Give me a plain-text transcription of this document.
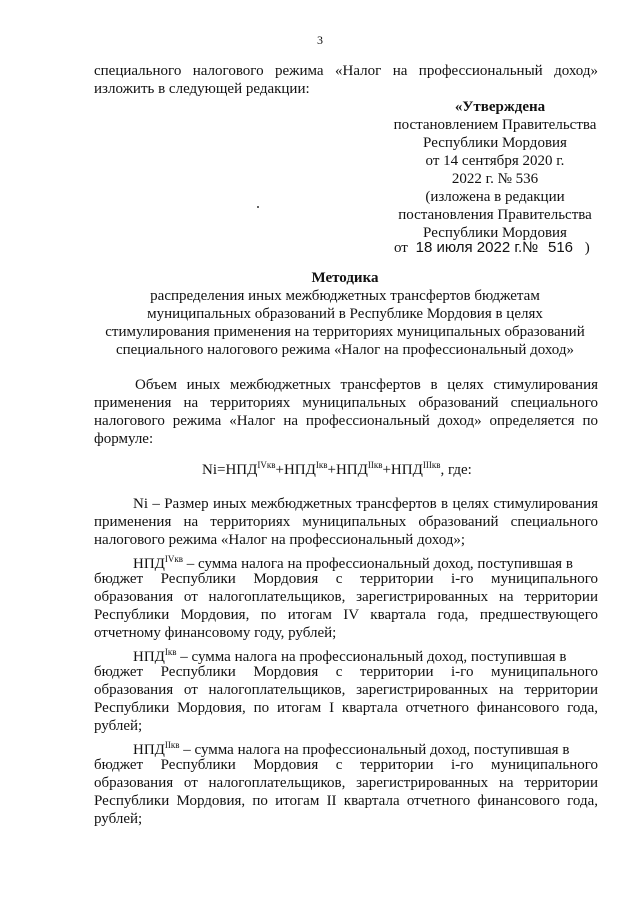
3
специального налогового режима «Налог на профессиональный доход»
изложить в следующей редакции:
«Утверждена
постановлением Правительства
Республики Мордовия
от 14 сентября 2020 г.
2022 г. № 536
(изложена в редакции
постановления Правительства
Республики Мордовия
от 18 июля 2022 г.№ 516 )
Методика
распределения иных межбюджетных трансфертов бюджетам
муниципальных образований в Республике Мордовия в целях
стимулирования применения на территориях муниципальных образований
специального налогового режима «Налог на профессиональный доход»
Объем иных межбюджетных трансфертов в целях стимулирования
применения на территориях муниципальных образований специального
налогового режима «Налог на профессиональный доход» определяется по
формуле:
$Ni=НПД^{IVкв}+НПД^{Iкв}+НПД^{IIкв}+НПД^{IIIкв}$, где:
Ni – Размер иных межбюджетных трансфертов в целях стимулирования
применения на территориях муниципальных образований специального
налогового режима «Налог на профессиональный доход»;
$НПД^{IVкв}$ – сумма налога на профессиональный доход, поступившая в
бюджет Республики Мордовия с территории i-го муниципального
образования от налогоплательщиков, зарегистрированных на территории
Республики Мордовия, по итогам IV квартала года, предшествующего
отчетному финансовому году, рублей;
$НПД^{Iкв}$ – сумма налога на профессиональный доход, поступившая в
бюджет Республики Мордовия с территории i-го муниципального
образования от налогоплательщиков, зарегистрированных на территории
Республики Мордовия, по итогам I квартала отчетного финансового года,
рублей;
$НПД^{IIкв}$ – сумма налога на профессиональный доход, поступившая в
бюджет Республики Мордовия с территории i-го муниципального
образования от налогоплательщиков, зарегистрированных на территории
Республики Мордовия, по итогам II квартала отчетного финансового года,
рублей;
